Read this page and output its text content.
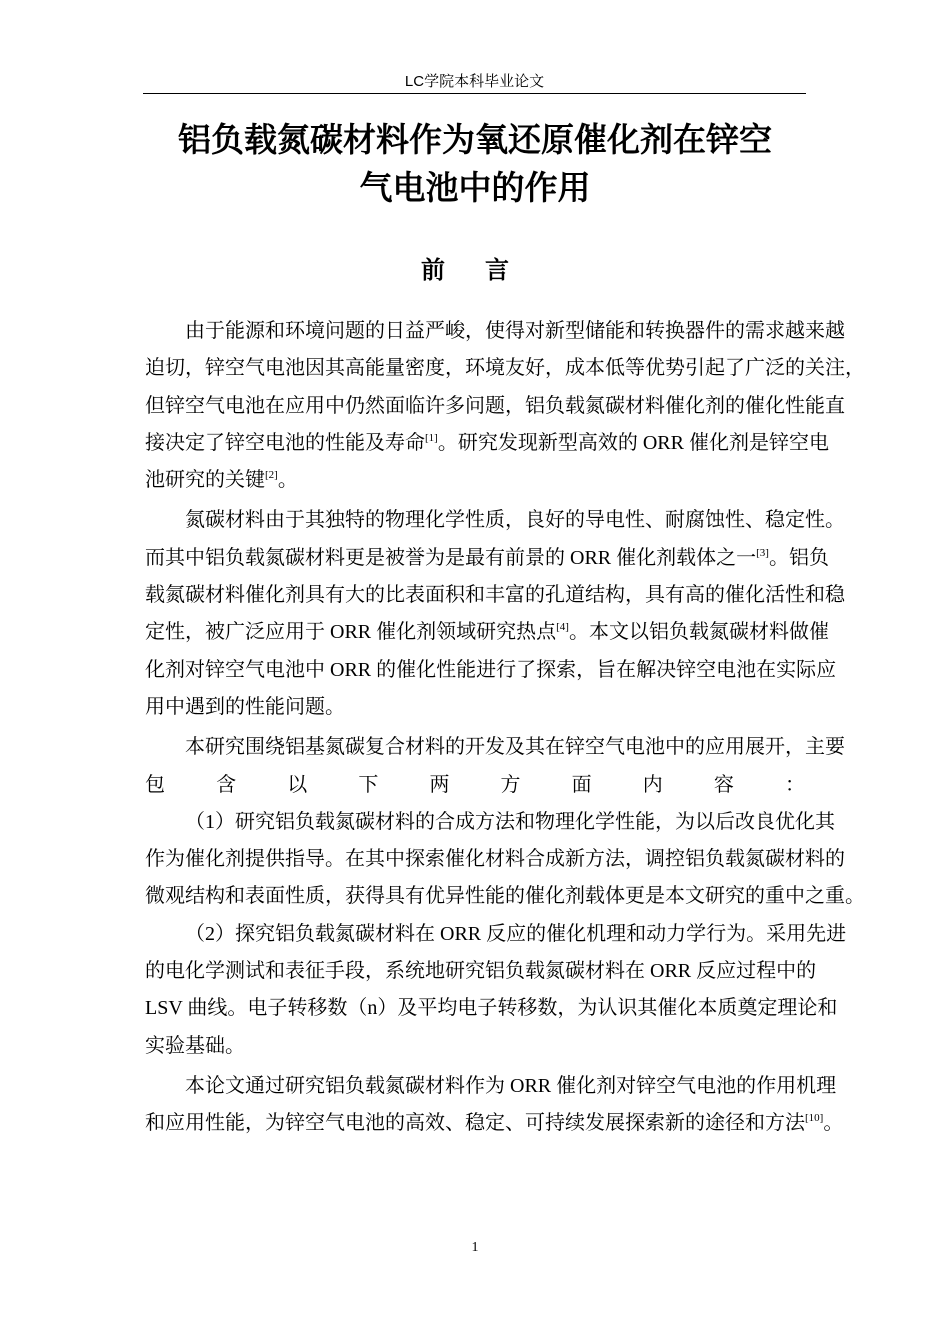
LC学院本科毕业论文
铝负载氮碳材料作为氧还原催化剂在锌空
气电池中的作用
前言
由于能源和环境问题的日益严峻，使得对新型储能和转换器件的需求越来越
迫切，锌空气电池因其高能量密度，环境友好，成本低等优势引起了广泛的关注，
但锌空气电池在应用中仍然面临许多问题，铝负载氮碳材料催化剂的催化性能直
接决定了锌空电池的性能及寿命[1]。研究发现新型高效的 ORR 催化剂是锌空电
池研究的关键[2]。
氮碳材料由于其独特的物理化学性质，良好的导电性、耐腐蚀性、稳定性。
而其中铝负载氮碳材料更是被誉为是最有前景的 ORR 催化剂载体之一[3]。铝负
载氮碳材料催化剂具有大的比表面积和丰富的孔道结构，具有高的催化活性和稳
定性，被广泛应用于 ORR 催化剂领域研究热点[4]。本文以铝负载氮碳材料做催
化剂对锌空气电池中 ORR 的催化性能进行了探索，旨在解决锌空电池在实际应
用中遇到的性能问题。
本研究围绕铝基氮碳复合材料的开发及其在锌空气电池中的应用展开，主要
包含以下两方面内容：
（1）研究铝负载氮碳材料的合成方法和物理化学性能，为以后改良优化其
作为催化剂提供指导。在其中探索催化材料合成新方法，调控铝负载氮碳材料的
微观结构和表面性质，获得具有优异性能的催化剂载体更是本文研究的重中之重。
（2）探究铝负载氮碳材料在 ORR 反应的催化机理和动力学行为。采用先进
的电化学测试和表征手段，系统地研究铝负载氮碳材料在 ORR 反应过程中的
LSV 曲线。电子转移数（n）及平均电子转移数，为认识其催化本质奠定理论和
实验基础。
本论文通过研究铝负载氮碳材料作为 ORR 催化剂对锌空气电池的作用机理
和应用性能，为锌空气电池的高效、稳定、可持续发展探索新的途径和方法[10]。
1
